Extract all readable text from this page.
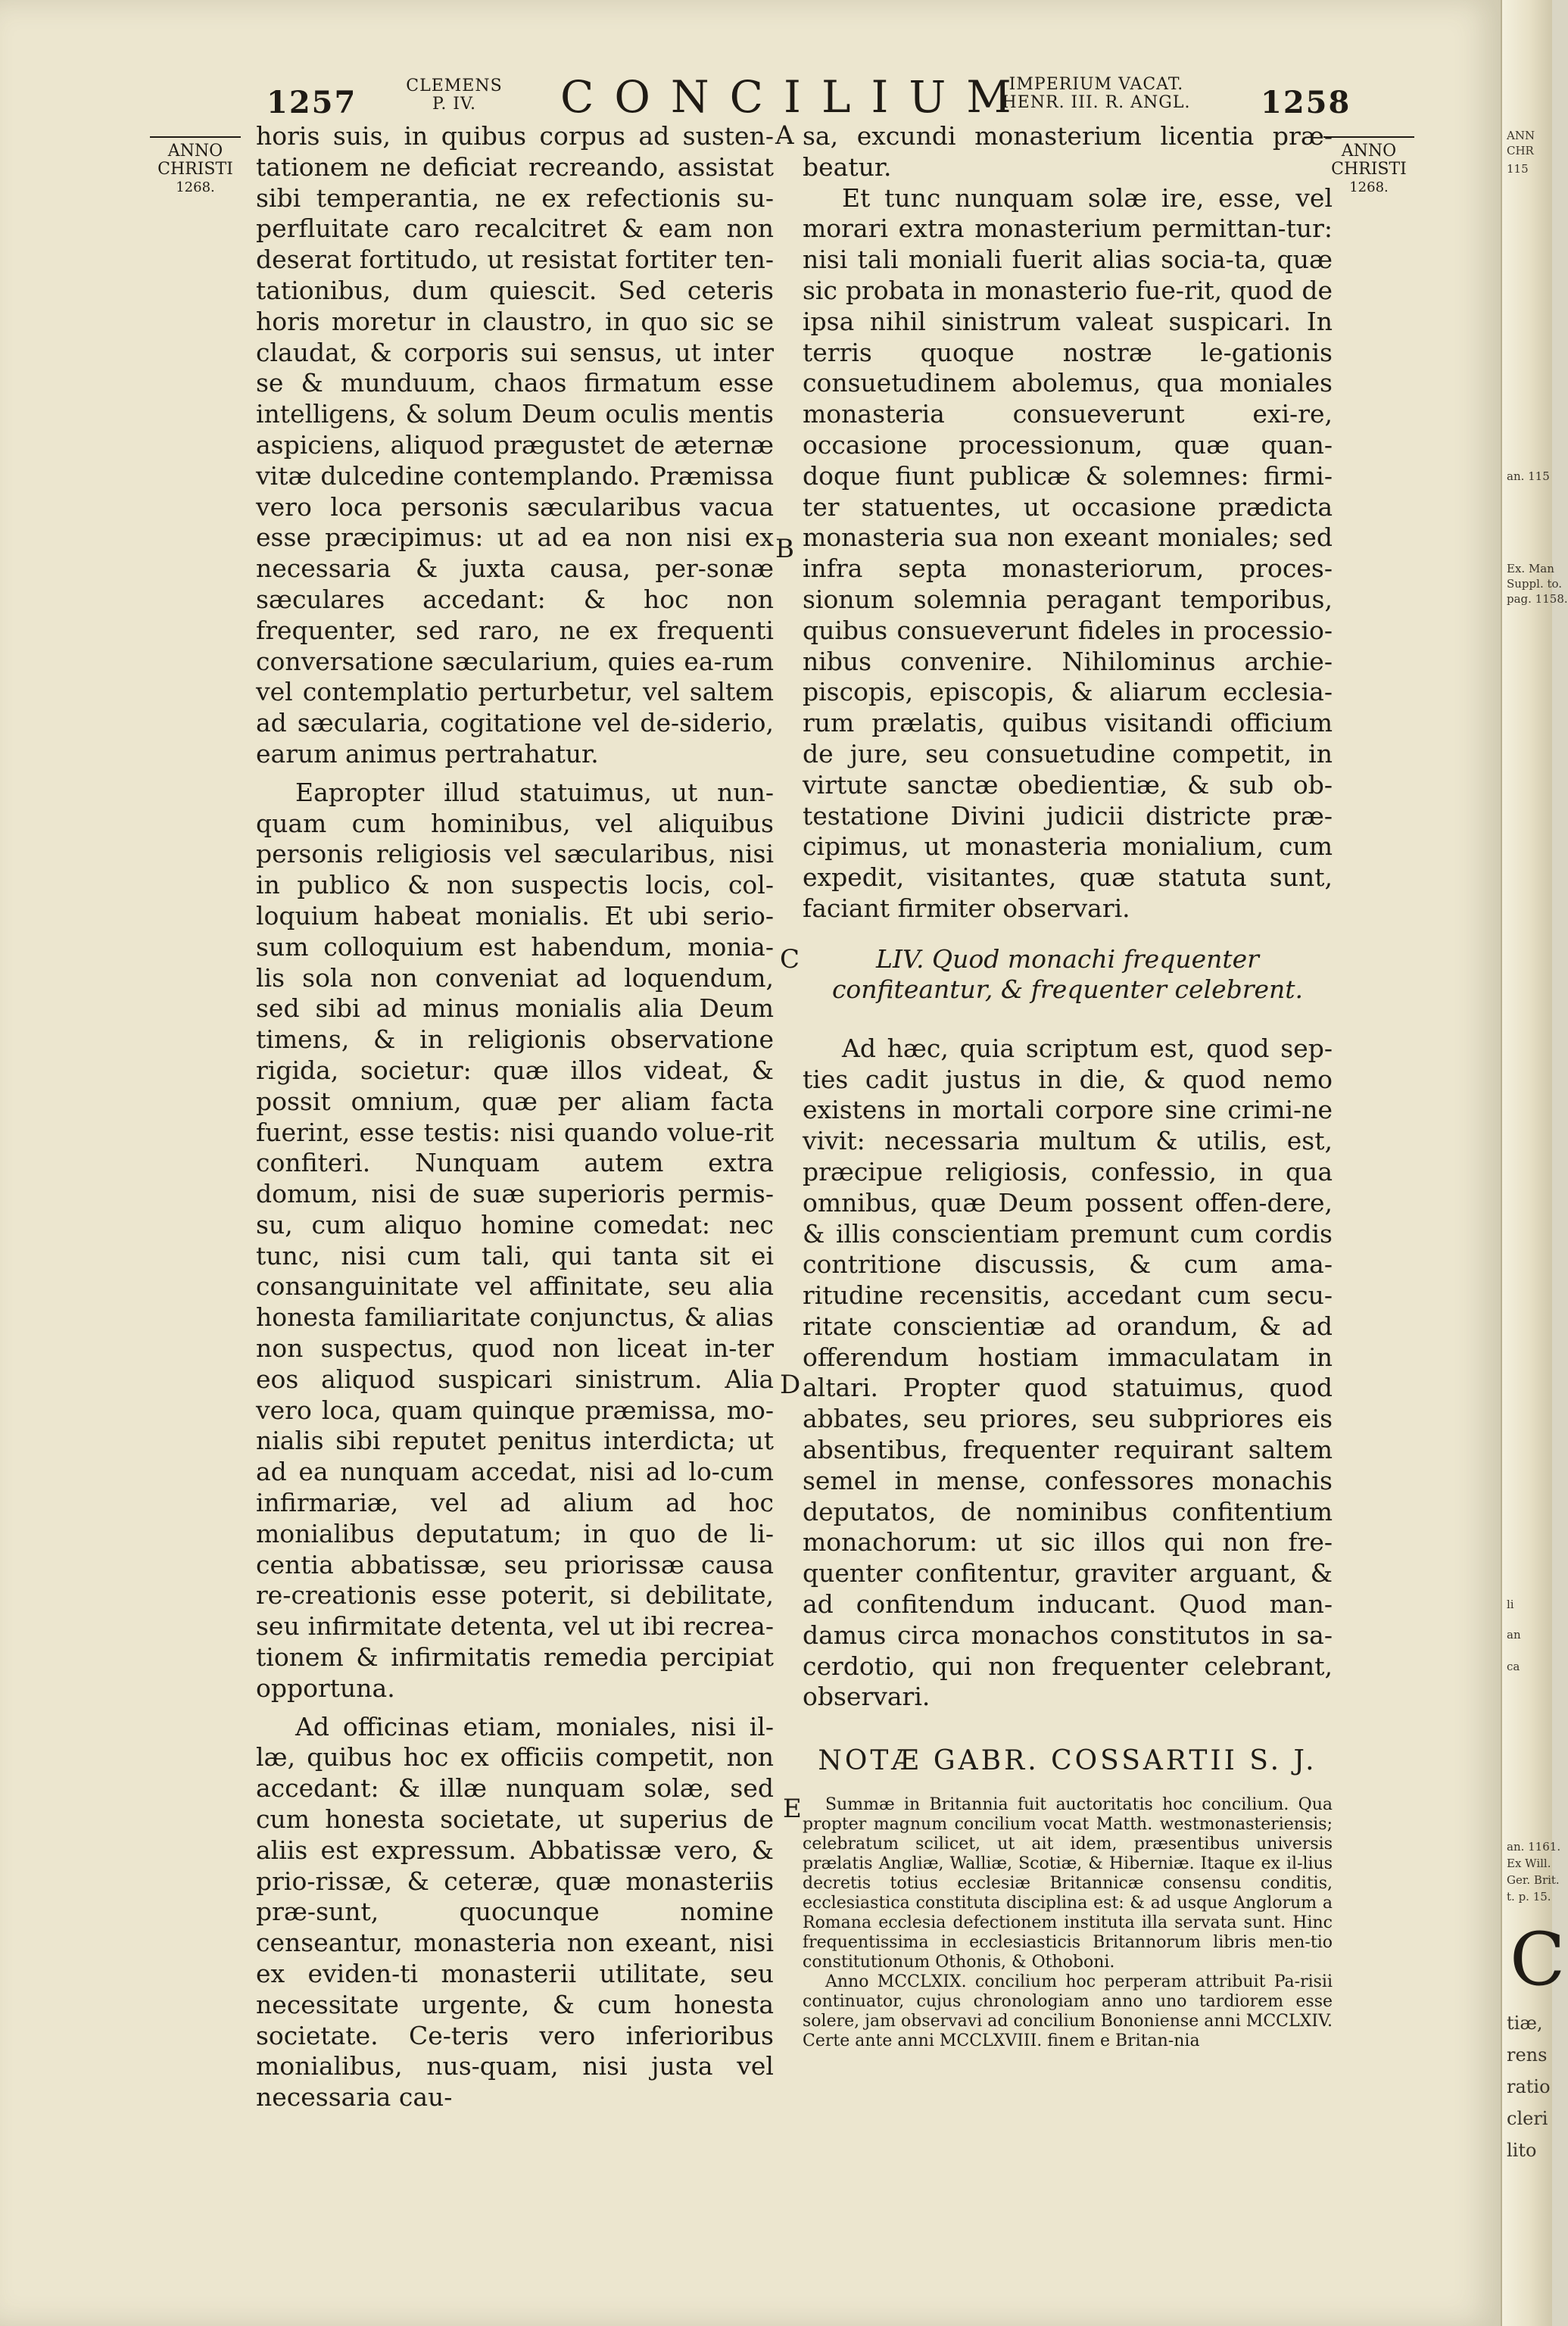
1257	CLEMENS
P. IV.	CONCILIUM
IMPERIUM VACAT.
HENR. III. R. ANGL.	1258
ANNO CHRISTI
1268.
ANNO CHRISTI
1268.

horis suis, in quibus corpus ad susten-tationem ne deficiat recreando, assistat sibi temperantia, ne ex refectionis su-perfluitate caro recalcitret & eam non deserat fortitudo, ut resistat fortiter ten-tationibus, dum quiescit. Sed ceteris horis moretur in claustro, in quo sic se claudat, & corporis sui sensus, ut inter se & munduum, chaos firmatum esse intelligens, & solum Deum oculis mentis aspiciens, aliquod prægustet de æternæ vitæ dulcedine contemplando. Præmissa vero loca personis sæcularibus vacua esse præcipimus: ut ad ea non nisi ex necessaria & juxta causa, per-sonæ sæculares accedant: & hoc non frequenter, sed raro, ne ex frequenti conversatione sæcularium, quies ea-rum vel contemplatio perturbetur, vel saltem ad sæcularia, cogitatione vel de-siderio, earum animus pertrahatur.

Eapropter illud statuimus, ut nun-quam cum hominibus, vel aliquibus personis religiosis vel sæcularibus, nisi in publico & non suspectis locis, col-loquium habeat monialis. Et ubi serio-sum colloquium est habendum, monia-lis sola non conveniat ad loquendum, sed sibi ad minus monialis alia Deum timens, & in religionis observatione rigida, societur: quæ illos videat, & possit omnium, quæ per aliam facta fuerint, esse testis: nisi quando volue-rit confiteri. Nunquam autem extra domum, nisi de suæ superioris permis-su, cum aliquo homine comedat: nec tunc, nisi cum tali, qui tanta sit ei consanguinitate vel affinitate, seu alia honesta familiaritate conjunctus, & alias non suspectus, quod non liceat in-ter eos aliquod suspicari sinistrum. Alia vero loca, quam quinque præmissa, mo-nialis sibi reputet penitus interdicta; ut ad ea nunquam accedat, nisi ad lo-cum infirmariæ, vel ad alium ad hoc monialibus deputatum; in quo de li-centia abbatissæ, seu priorissæ causa re-creationis esse poterit, si debilitate, seu infirmitate detenta, vel ut ibi recrea-tionem & infirmitatis remedia percipiat opportuna.

Ad officinas etiam, moniales, nisi il-læ, quibus hoc ex officiis competit, non accedant: & illæ nunquam solæ, sed cum honesta societate, ut superius de aliis est expressum. Abbatissæ vero, & prio-rissæ, & ceteræ, quæ monasteriis præ-sunt, quocunque nomine censeantur, monasteria non exeant, nisi ex eviden-ti monasterii utilitate, seu necessitate urgente, & cum honesta societate. Ce-teris vero inferioribus monialibus, nus-quam, nisi justa vel necessaria cau-

sa, excundi monasterium licentia præ-beatur.

Et tunc nunquam solæ ire, esse, vel morari extra monasterium permittan-tur: nisi tali moniali fuerit alias socia-ta, quæ sic probata in monasterio fue-rit, quod de ipsa nihil sinistrum valeat suspicari. In terris quoque nostræ le-gationis consuetudinem abolemus, qua moniales monasteria consueverunt exi-re, occasione processionum, quæ quan-doque fiunt publicæ & solemnes: firmi-ter statuentes, ut occasione prædicta monasteria sua non exeant moniales; sed infra septa monasteriorum, proces-sionum solemnia peragant temporibus, quibus consueverunt fideles in processio-nibus convenire. Nihilominus archie-piscopis, episcopis, & aliarum ecclesia-rum prælatis, quibus visitandi officium de jure, seu consuetudine competit, in virtute sanctæ obedientiæ, & sub ob-testatione Divini judicii districte præ-cipimus, ut monasteria monialium, cum expedit, visitantes, quæ statuta sunt, faciant firmiter observari.

LIV. Quod monachi frequenter confiteantur, & frequenter celebrent.

Ad hæc, quia scriptum est, quod sep-ties cadit justus in die, & quod nemo existens in mortali corpore sine crimi-ne vivit: necessaria multum & utilis, est, præcipue religiosis, confessio, in qua omnibus, quæ Deum possent offen-dere, & illis conscientiam premunt cum cordis contritione discussis, & cum ama-ritudine recensitis, accedant cum secu-ritate conscientiæ ad orandum, & ad offerendum hostiam immaculatam in altari. Propter quod statuimus, quod abbates, seu priores, seu subpriores eis absentibus, frequenter requirant saltem semel in mense, confessores monachis deputatos, de nominibus confitentium monachorum: ut sic illos qui non fre-quenter confitentur, graviter arguant, & ad confitendum inducant. Quod man-damus circa monachos constitutos in sa-cerdotio, qui non frequenter celebrant, observari.

NOTÆ GABR. COSSARTII S. J.

Summæ in Britannia fuit auctoritatis hoc concilium. Qua propter magnum concilium vocat Matth. westmonasteriensis; celebratum scilicet, ut ait idem, præsentibus universis prælatis Angliæ, Walliæ, Scotiæ, & Hiberniæ. Itaque ex il-lius decretis totius ecclesiæ Britannicæ consensu conditis, ecclesiastica constituta disciplina est: & ad usque Anglorum a Romana ecclesia defectionem instituta illa servata sunt. Hinc frequentissima in ecclesiasticis Britannorum libris men-tio constitutionum Othonis, & Othoboni.

Anno MCCLXIX. concilium hoc perperam attribuit Pa-risii continuator, cujus chronologiam anno uno tardiorem esse solere, jam observavi ad concilium Bononiense anni MCCLXIV. Certe ante anni MCCLXVIII. finem e Britan-nia

A
B
C
D
E
ANN
CHR
115
an. 115
Ex. Man
Suppl. to.
pag. 1158.
li
an
ca
an. 1161.
Ex Will.
Ger. Brit.
t. p. 15.
C
tiæ,
rens
ratio
cleri
lito
